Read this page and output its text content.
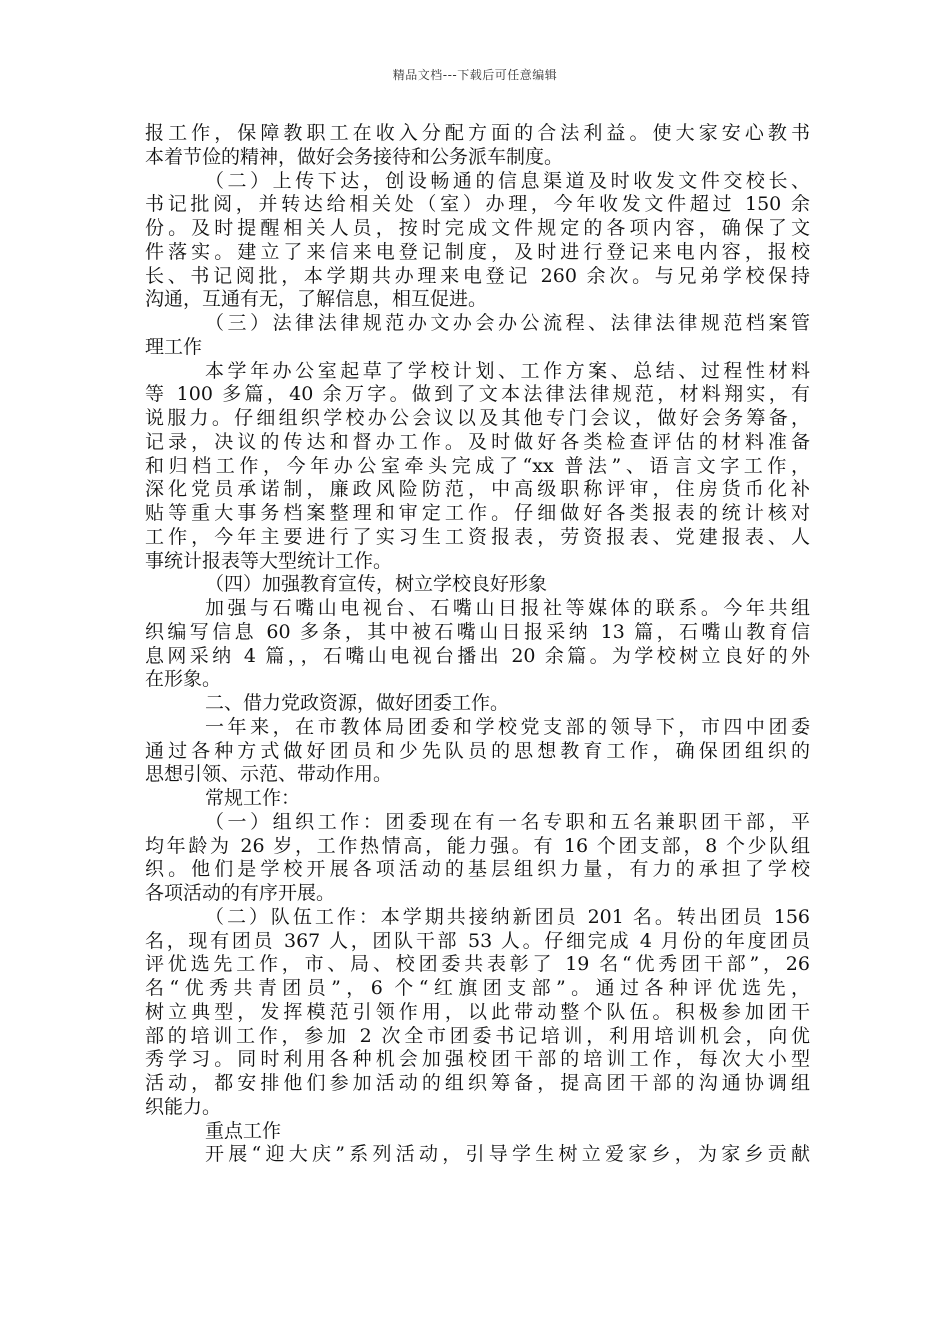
精品文档---下载后可任意编辑
报工作，保障教职工在收入分配方面的合法利益。使大家安心教书
本着节俭的精神，做好会务接待和公务派车制度。
（二）上传下达，创设畅通的信息渠道及时收发文件交校长、
书记批阅，并转达给相关处（室）办理，今年收发文件超过 150 余
份。及时提醒相关人员，按时完成文件规定的各项内容，确保了文
件落实。建立了来信来电登记制度，及时进行登记来电内容，报校
长、书记阅批，本学期共办理来电登记 260 余次。与兄弟学校保持
沟通，互通有无，了解信息，相互促进。
（三）法律法律规范办文办会办公流程、法律法律规范档案管
理工作
本学年办公室起草了学校计划、工作方案、总结、过程性材料
等 100 多篇，40 余万字。做到了文本法律法律规范，材料翔实，有
说服力。仔细组织学校办公会议以及其他专门会议，做好会务筹备，
记录，决议的传达和督办工作。及时做好各类检查评估的材料准备
和归档工作，今年办公室牵头完成了“xx 普法”、语言文字工作，
深化党员承诺制，廉政风险防范，中高级职称评审，住房货币化补
贴等重大事务档案整理和审定工作。仔细做好各类报表的统计核对
工作，今年主要进行了实习生工资报表，劳资报表、党建报表、人
事统计报表等大型统计工作。
（四）加强教育宣传，树立学校良好形象
加强与石嘴山电视台、石嘴山日报社等媒体的联系。今年共组
织编写信息 60 多条，其中被石嘴山日报采纳 13 篇，石嘴山教育信
息网采纳 4 篇，，石嘴山电视台播出 20 余篇。为学校树立良好的外
在形象。
二、借力党政资源，做好团委工作。
一年来，在市教体局团委和学校党支部的领导下，市四中团委
通过各种方式做好团员和少先队员的思想教育工作，确保团组织的
思想引领、示范、带动作用。
常规工作：
（一）组织工作：团委现在有一名专职和五名兼职团干部，平
均年龄为 26 岁，工作热情高，能力强。有 16 个团支部，8 个少队组
织。他们是学校开展各项活动的基层组织力量，有力的承担了学校
各项活动的有序开展。
（二）队伍工作：本学期共接纳新团员 201 名。转出团员 156
名，现有团员 367 人，团队干部 53 人。仔细完成 4 月份的年度团员
评优选先工作，市、局、校团委共表彰了 19 名“优秀团干部”，26
名“优秀共青团员”，6 个“红旗团支部”。通过各种评优选先，
树立典型，发挥模范引领作用，以此带动整个队伍。积极参加团干
部的培训工作，参加 2 次全市团委书记培训，利用培训机会，向优
秀学习。同时利用各种机会加强校团干部的培训工作，每次大小型
活动，都安排他们参加活动的组织筹备，提高团干部的沟通协调组
织能力。
重点工作
开展“迎大庆”系列活动，引导学生树立爱家乡，为家乡贡献
